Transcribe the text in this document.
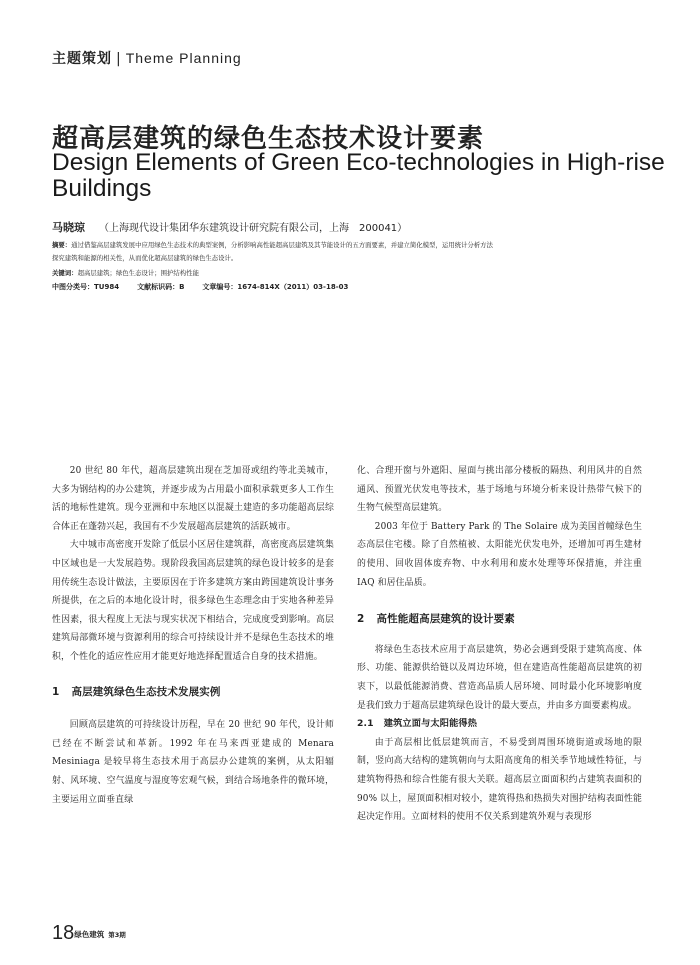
主题策划 | Theme Planning
超高层建筑的绿色生态技术设计要素
Design Elements of Green Eco-technologies in High-rise Buildings
马晓琼 （上海现代设计集团华东建筑设计研究院有限公司，上海　200041）
摘要：通过借鉴高层建筑发展中应用绿色生态技术的典型案例，分析影响高性能超高层建筑及其节能设计的五方面要素，并建立简化模型，运用统计分析方法
探究建筑和能源的相关性，从而优化超高层建筑的绿色生态设计。
关键词：超高层建筑；绿色生态设计；围护结构性能
中图分类号：TU984	文献标识码：B	文章编号：1674-814X（2011）03-18-03

20 世纪 80 年代，超高层建筑出现在芝加哥或纽约等北美城市，大多为钢结构的办公建筑，并逐步成为占用最小面积承载更多人工作生活的地标性建筑。现今亚洲和中东地区以混凝土建造的多功能超高层综合体正在蓬勃兴起，我国有不少发展超高层建筑的活跃城市。

大中城市高密度开发除了低层小区居住建筑群，高密度高层建筑集中区域也是一大发展趋势。现阶段我国高层建筑的绿色设计较多的是套用传统生态设计做法，主要原因在于许多建筑方案由跨国建筑设计事务所提供，在之后的本地化设计时，很多绿色生态理念由于实地各种差异性因素，很大程度上无法与现实状况下相结合，完成度受到影响。高层建筑局部微环境与资源利用的综合可持续设计并不是绿色生态技术的堆积，个性化的适应性应用才能更好地选择配置适合自身的技术措施。

1 高层建筑绿色生态技术发展实例

回顾高层建筑的可持续设计历程，早在 20 世纪 90 年代，设计师已经在不断尝试和革新。1992 年在马来西亚建成的 Menara Mesiniaga 是较早将生态技术用于高层办公建筑的案例，从太阳辐射、风环境、空气温度与湿度等宏观气候，到结合场地条件的微环境，主要运用立面垂直绿

化、合理开窗与外遮阳、屋面与挑出部分楼板的隔热、利用风井的自然通风、预置光伏发电等技术，基于场地与环境分析来设计热带气候下的生物气候型高层建筑。

2003 年位于 Battery Park 的 The Solaire 成为美国首幢绿色生态高层住宅楼。除了自然植被、太阳能光伏发电外，还增加可再生建材的使用、回收固体废弃物、中水利用和废水处理等环保措施，并注重 IAQ 和居住品质。

2 高性能超高层建筑的设计要素

将绿色生态技术应用于高层建筑，势必会遇到受限于建筑高度、体形、功能、能源供给链以及周边环境，但在建造高性能超高层建筑的初衷下，以最低能源消费、营造高品质人居环境、同时最小化环境影响度是我们致力于超高层建筑绿色设计的最大要点，并由多方面要素构成。

2.1 建筑立面与太阳能得热

由于高层相比低层建筑而言，不易受到周围环境街道或场地的限制，竖向高大结构的建筑朝向与太阳高度角的相关季节地域性特征，与建筑物得热和综合性能有很大关联。超高层立面面积约占建筑表面积的 90% 以上，屋顶面积相对较小，建筑得热和热损失对围护结构表面性能起决定作用。立面材料的使用不仅关系到建筑外观与表现形

18绿色建筑 第3期
